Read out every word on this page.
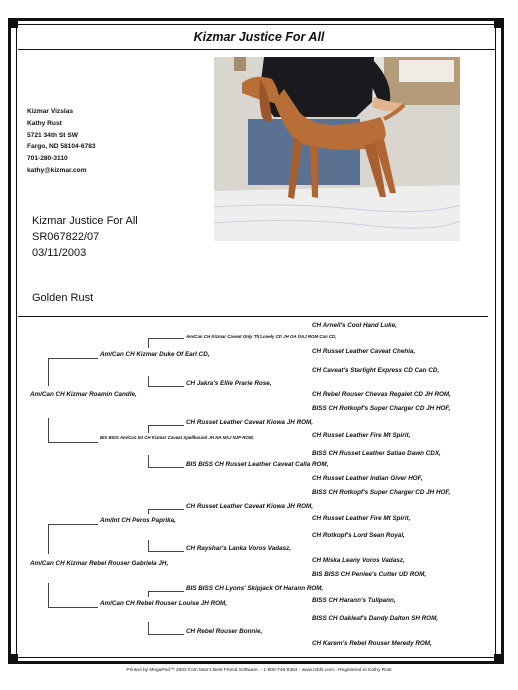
Kizmar Justice For All
Kizmar Vizslas
Kathy Rust
5721 34th St SW
Fargo, ND 58104-6783
701-280-3110
kathy@kizmar.com
Kizmar Justice For All
SR067822/07
03/11/2003
Golden Rust
CH Arnell's Cool Hand Luke,
CH Russet Leather Caveat Chehia,
CH Caveat's Starlight Express CD Can CD,
CH Rebel Rouser Chevas Regalet CD JH ROM,
BISS CH Rotkopf's Super Charger CD JH HOF,
CH Russet Leather Fire Mt Spirit,
BISS CH Russet Leather Satiao Dawn CDX,
CH Russet Leather Indian Giver HOF,
BISS CH Rotkopf's Super Charger CD JH HOF,
CH Russet Leather Fire Mt Spirit,
CH Rotkopf's Lord Sean Royal,
CH Miska Leany Voros Vadasz,
BIS BISS CH Penlee's Cutter UD ROM,
BISS CH Harann's Tulipann,
BISS CH Oakleaf's Dandy Dalton SH ROM,
CH Karem's Rebel Rouser Meredy ROM,
Am/Can CH Kizmar Caveat Only Th'Lonely CD JH OA OAJ ROM Can CD,
CH Jakra's Ellie Prarie Rose,
CH Russet Leather Caveat Kiowa JH ROM,
BIS BISS CH Russet Leather Caveat Calla ROM,
CH Russet Leather Caveat Kiowa JH ROM,
CH Rayshar's Lanka Voros Vadasz,
BIS BISS CH Lyons' Skipjack Of Harann ROM,
CH Rebel Rouser Bonnie,
Am/Can CH Kizmar Duke Of Earl CD,
BIS BISS Am/Can Int CH Kizmar Caveat Spellbound JH NA NAJ NJP ROM,
Am/Int CH Peros Paprika,
Am/Can CH Rebel Rouser Louise JH ROM,
Am/Can CH Kizmar Roamin Candle,
Am/Can CH Kizmar Rebel Rouser Gabriela JH,
Printed by MegaPed™ 2003 from Man's Best Friend Software. - 1-800-746-9364 - www.mbfs.com - Registered to Kathy Rust
